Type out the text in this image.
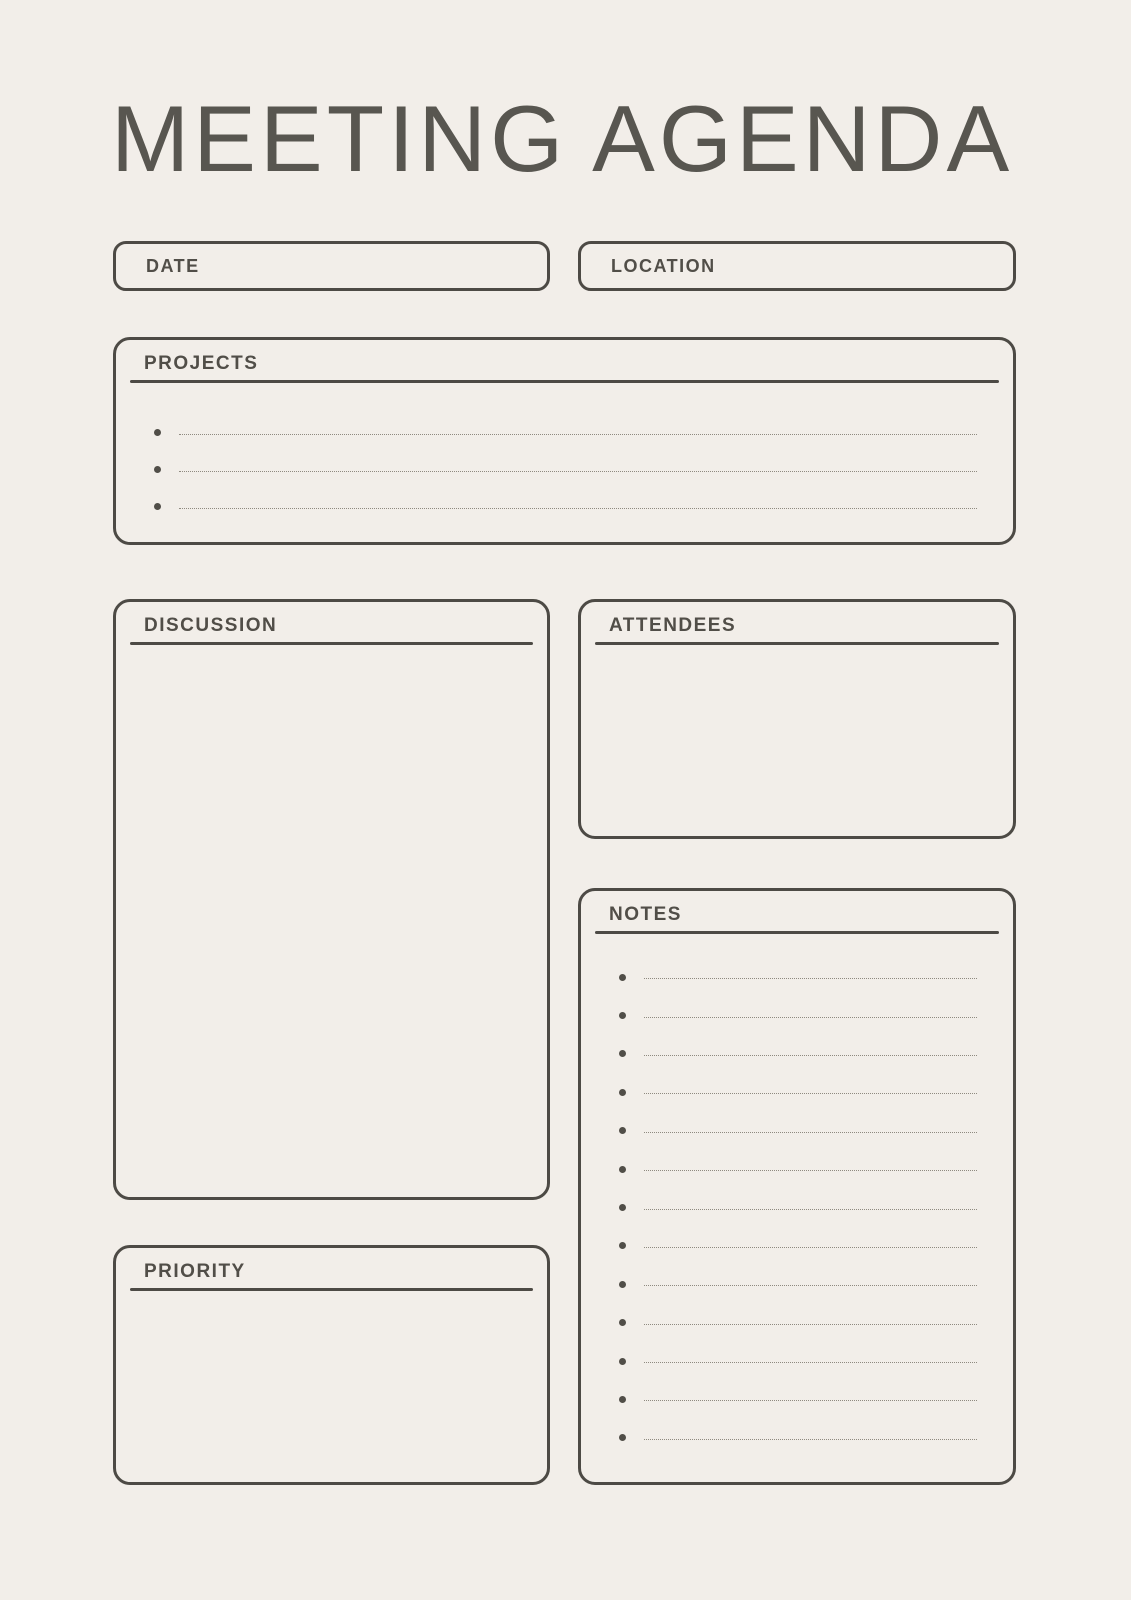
MEETING AGENDA
DATE	LOCATION
PROJECTS
DISCUSSION	ATTENDEES
NOTES
PRIORITY
